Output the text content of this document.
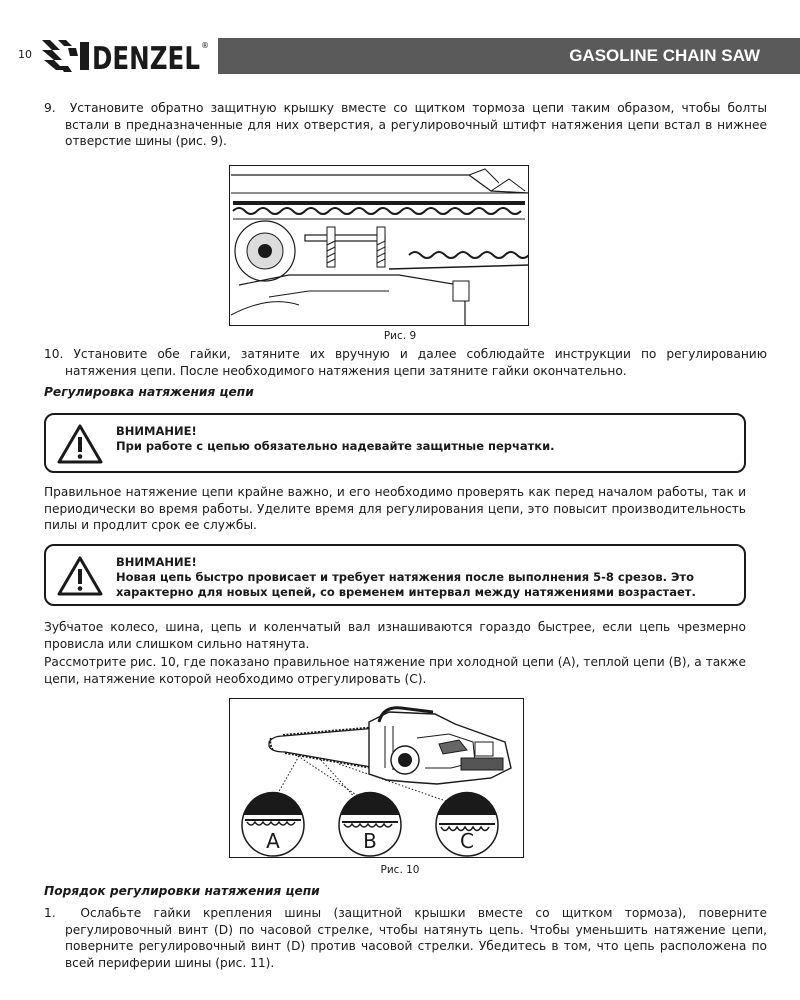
10 DENZEL ®
GASOLINE CHAIN SAW

9.  Установите обратно защитную крышку вместе со щитком тормоза цепи таким образом, чтобы болты встали в предназначенные для них отверстия, а регулировочный штифт натяжения цепи встал в нижнее отверстие шины (рис. 9).

Рис. 9

10. Установите обе гайки, затяните их вручную и далее соблюдайте инструкции по регулированию натяжения цепи. После необходимого натяжения цепи затяните гайки окончательно.

Регулировка натяжения цепи

ВНИМАНИЕ!
При работе с цепью обязательно надевайте защитные перчатки.

Правильное натяжение цепи крайне важно, и его необходимо проверять как перед началом работы, так и периодически во время работы. Уделите время для регулирования цепи, это повысит производительность пилы и продлит срок ее службы.

ВНИМАНИЕ!
Новая цепь быстро провисает и требует натяжения после выполнения 5-8 срезов. Это характерно для новых цепей, со временем интервал между натяжениями возрастает.

Зубчатое колесо, шина, цепь и коленчатый вал изнашиваются гораздо быстрее, если цепь чрезмерно провисла или слишком сильно натянута.

Рассмотрите рис. 10, где показано правильное натяжение при холодной цепи (A), теплой цепи (B), а также цепи, натяжение которой необходимо отрегулировать (C).

A	B	C
Рис. 10

Порядок регулировки натяжения цепи

1.  Ослабьте гайки крепления шины (защитной крышки вместе со щитком тормоза), поверните регулировочный винт (D) по часовой стрелке, чтобы натянуть цепь. Чтобы уменьшить натяжение цепи, поверните регулировочный винт (D) против часовой стрелки. Убедитесь в том, что цепь расположена по всей периферии шины (рис. 11).
